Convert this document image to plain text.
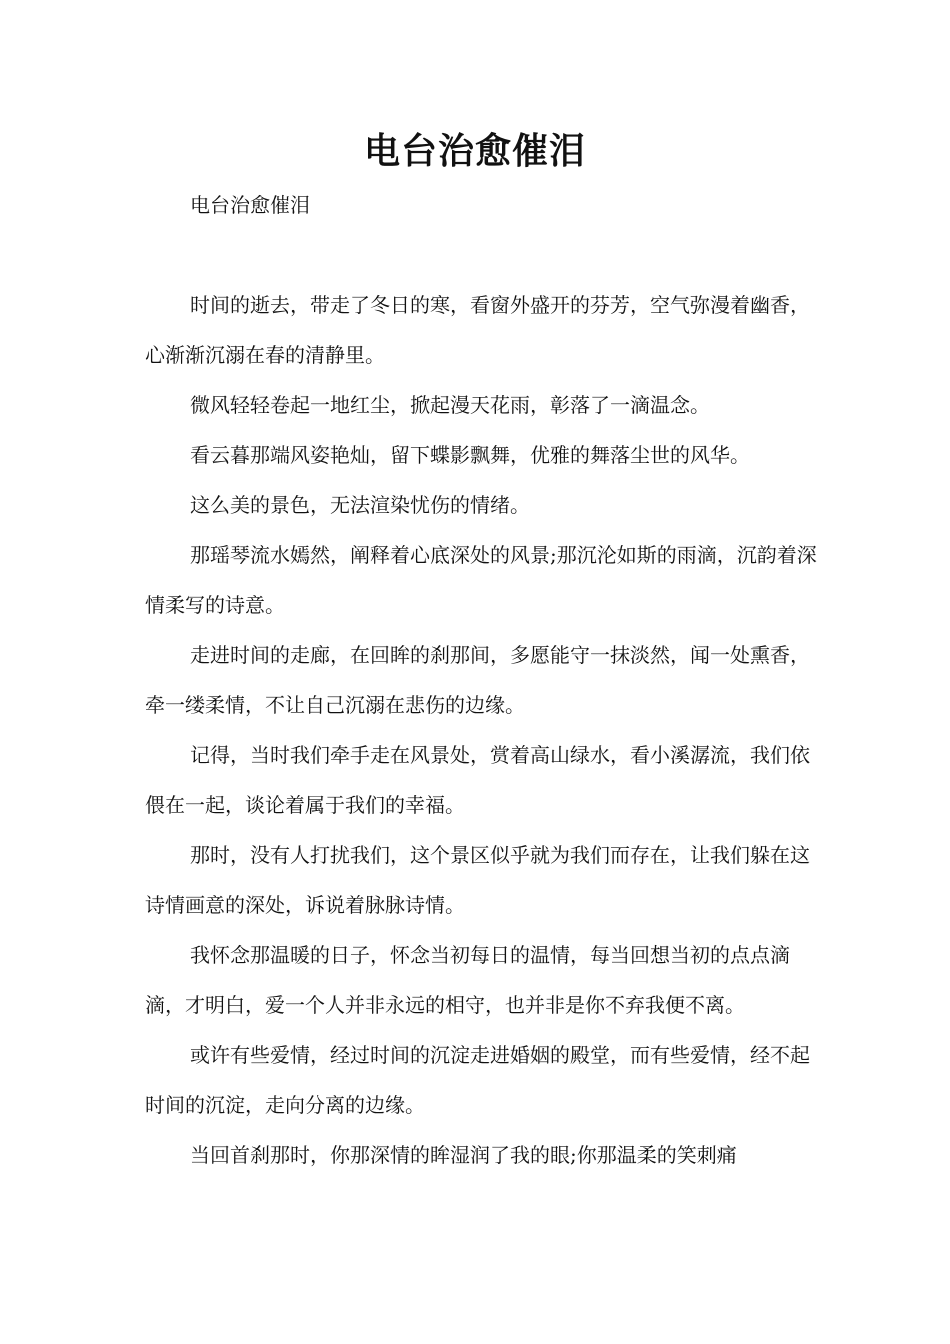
电台治愈催泪

电台治愈催泪

时间的逝去，带走了冬日的寒，看窗外盛开的芬芳，空气弥漫着幽香，心渐渐沉溺在春的清静里。

微风轻轻卷起一地红尘，掀起漫天花雨，彰落了一滴温念。

看云暮那端风姿艳灿，留下蝶影飘舞，优雅的舞落尘世的风华。

这么美的景色，无法渲染忧伤的情绪。

那瑶琴流水嫣然，阐释着心底深处的风景;那沉沦如斯的雨滴，沉韵着深情柔写的诗意。

走进时间的走廊，在回眸的刹那间，多愿能守一抹淡然，闻一处熏香，牵一缕柔情，不让自己沉溺在悲伤的边缘。

记得，当时我们牵手走在风景处，赏着高山绿水，看小溪潺流，我们依偎在一起，谈论着属于我们的幸福。

那时，没有人打扰我们，这个景区似乎就为我们而存在，让我们躲在这诗情画意的深处，诉说着脉脉诗情。

我怀念那温暖的日子，怀念当初每日的温情，每当回想当初的点点滴滴，才明白，爱一个人并非永远的相守，也并非是你不弃我便不离。

或许有些爱情，经过时间的沉淀走进婚姻的殿堂，而有些爱情，经不起时间的沉淀，走向分离的边缘。

当回首刹那时，你那深情的眸湿润了我的眼;你那温柔的笑刺痛
